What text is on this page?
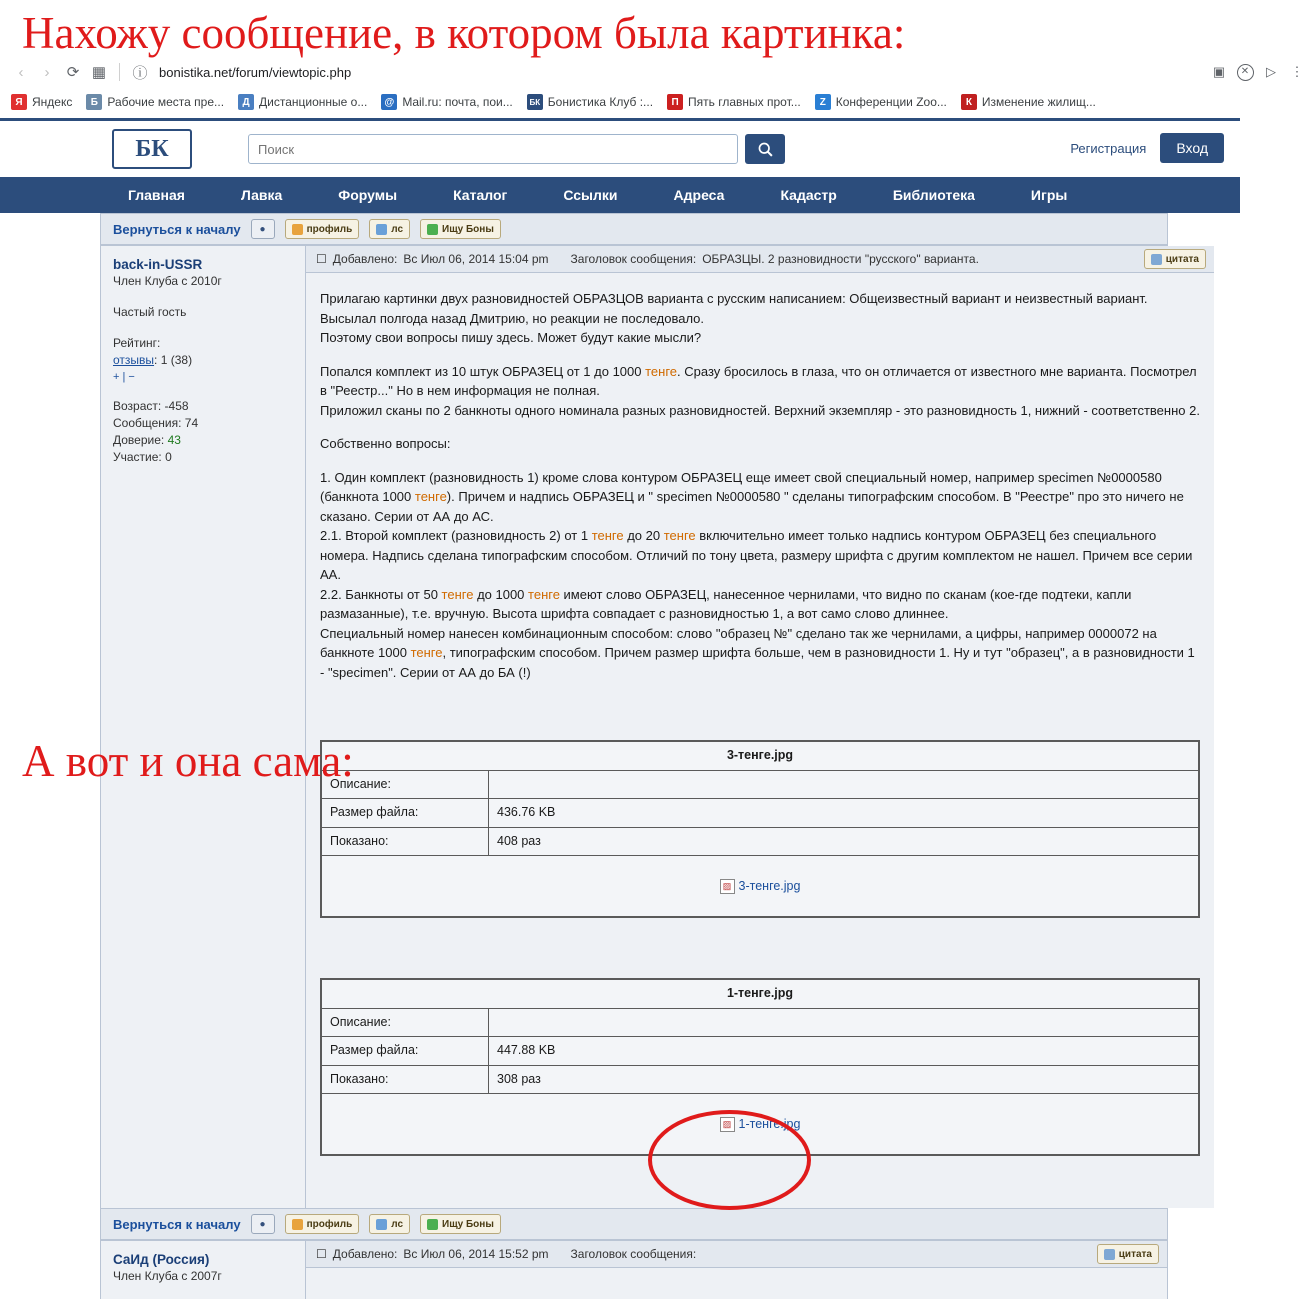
‹	›	⟳ ▦	ⓘ bonistika.net/forum/viewtopic.php	▣	✕	▷	⋮
Я Яндекс	Б Рабочие места пре...	Д Дистанционные о...	@ Mail.ru: почта, пои...	БК Бонистика Клуб :...	П Пять главных прот...	Z Конференции Zoo...	К Изменение жилищ...
БК
Поиск	Регистрация	Вход
Главная	Лавка	Форумы	Каталог	Ссылки	Адреса	Кадастр	Библиотека	Игры
Вернуться к началу	●	профиль	лс	Ищу Боны
back-in-USSR
Член Клуба с 2010г
Частый гость
Рейтинг:
отзывы: 1 (38)
+ | −
Возраст: -458
Сообщения: 74
Доверие: 43
Участие: 0
☐ Добавлено: Вс Июл 06, 2014 15:04 pm Заголовок сообщения: ОБРАЗЦЫ. 2 разновидности "русского" варианта.	цитата

Прилагаю картинки двух разновидностей ОБРАЗЦОВ варианта с русским написанием: Общеизвестный вариант и неизвестный вариант. Высылал полгода назад Дмитрию, но реакции не последовало.
Поэтому свои вопросы пишу здесь. Может будут какие мысли?

Попался комплект из 10 штук ОБРАЗЕЦ от 1 до 1000 тенге. Сразу бросилось в глаза, что он отличается от известного мне варианта. Посмотрел в "Реестр..." Но в нем информация не полная.
Приложил сканы по 2 банкноты одного номинала разных разновидностей. Верхний экземпляр - это разновидность 1, нижний - соответственно 2.

Собственно вопросы:

1. Один комплект (разновидность 1) кроме слова контуром ОБРАЗЕЦ еще имеет свой специальный номер, например specimen №0000580 (банкнота 1000 тенге). Причем и надпись ОБРАЗЕЦ и " specimen №0000580 " сделаны типографским способом. В "Реестре" про это ничего не сказано. Серии от АА до АС.
2.1. Второй комплект (разновидность 2) от 1 тенге до 20 тенге включительно имеет только надпись контуром ОБРАЗЕЦ без специального номера. Надпись сделана типографским способом. Отличий по тону цвета, размеру шрифта с другим комплектом не нашел. Причем все серии АА.
2.2. Банкноты от 50 тенге до 1000 тенге имеют слово ОБРАЗЕЦ, нанесенное чернилами, что видно по сканам (кое-где подтеки, капли размазанные), т.е. вручную. Высота шрифта совпадает с разновидностью 1, а вот само слово длиннее.
Специальный номер нанесен комбинационным способом: слово "образец №" сделано так же чернилами, а цифры, например 0000072 на банкноте 1000 тенге, типографским способом. Причем размер шрифта больше, чем в разновидности 1. Ну и тут "образец", а в разновидности 1 - "specimen". Серии от АА до БА (!)

3-тенге.jpg	
Описание:	
Размер файла:	436.76 KB
Показано:	408 раз

▨ 3-тенге.jpg	
1-тенге.jpg	
Описание:	
Размер файла:	447.88 KB
Показано:	308 раз

▨ 1-тенге.jpg	
Вернуться к началу	●	профиль	лс	Ищу Боны
СаИд (Россия)
Член Клуба с 2007г
☐ Добавлено: Вс Июл 06, 2014 15:52 pm Заголовок сообщения:	цитата
Нахожу сообщение, в котором была картинка:
А вот и она сама:
